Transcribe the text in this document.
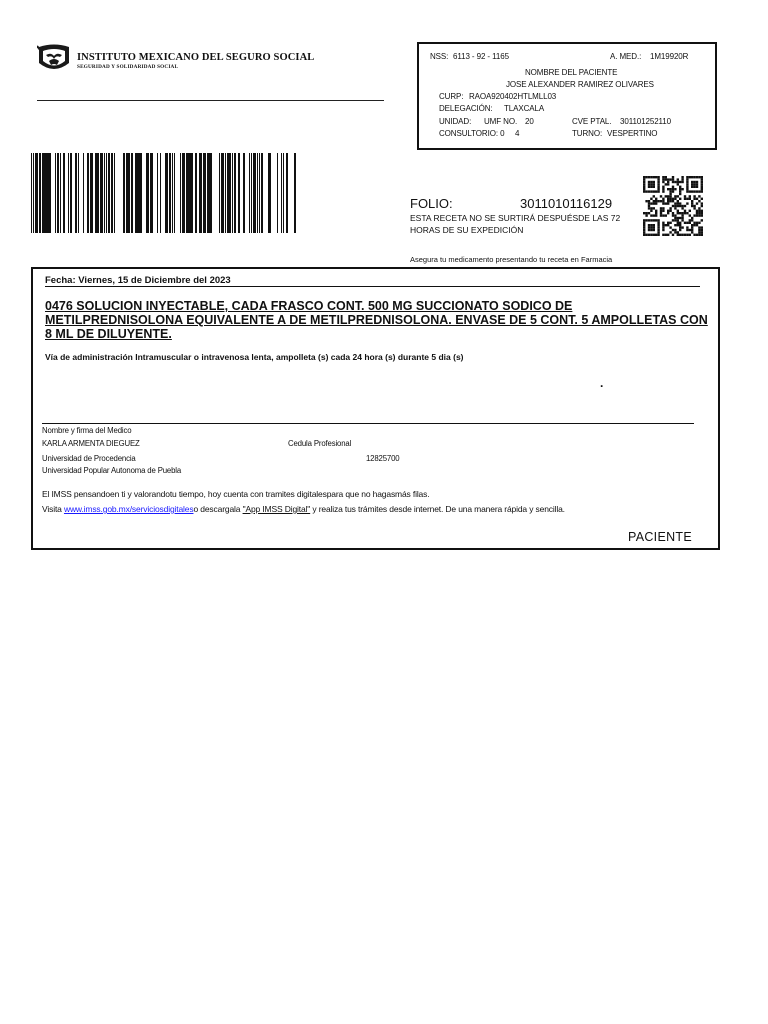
INSTITUTO MEXICANO DEL SEGURO SOCIAL
SEGURIDAD Y SOLIDARIDAD SOCIAL
NSS: 6113 - 92 - 1165	A. MED.: 1M19920R
NOMBRE DEL PACIENTE
JOSE ALEXANDER RAMIREZ OLIVARES
CURP: RAOA920402HTLMLL03
DELEGACIÓN: TLAXCALA
UNIDAD: UMF NO. 20	CVE PTAL. 301101252110
CONSULTORIO: 0 4	TURNO: VESPERTINO
FOLIO:	3011010116129
ESTA RECETA NO SE SURTIRÁ DESPUÉSDE LAS 72 HORAS DE SU EXPEDICIÓN
Asegura tu medicamento presentando tu receta en Farmacia
Fecha: Viernes, 15 de Diciembre del 2023
0476 SOLUCION INYECTABLE, CADA FRASCO CONT. 500 MG SUCCIONATO SODICO DE METILPREDNISOLONA EQUIVALENTE A DE METILPREDNISOLONA. ENVASE DE 5 CONT. 5 AMPOLLETAS CON 8 ML DE DILUYENTE.
Vía de administración Intramuscular o intravenosa lenta, ampolleta (s) cada 24 hora (s) durante 5 dia (s)
.
Nombre y firma del Medico
KARLA ARMENTA DIEGUEZ	Cedula Profesional
Universidad de Procedencia	12825700
Universidad Popular Autonoma de Puebla
El IMSS pensandoen ti y valorandotu tiempo, hoy cuenta con tramites digitalespara que no hagasmás filas.
Visita www.imss.gob.mx/serviciosdigitaleso descargala "App IMSS Digital" y realiza tus trámites desde internet. De una manera rápida y sencilla.
PACIENTE
